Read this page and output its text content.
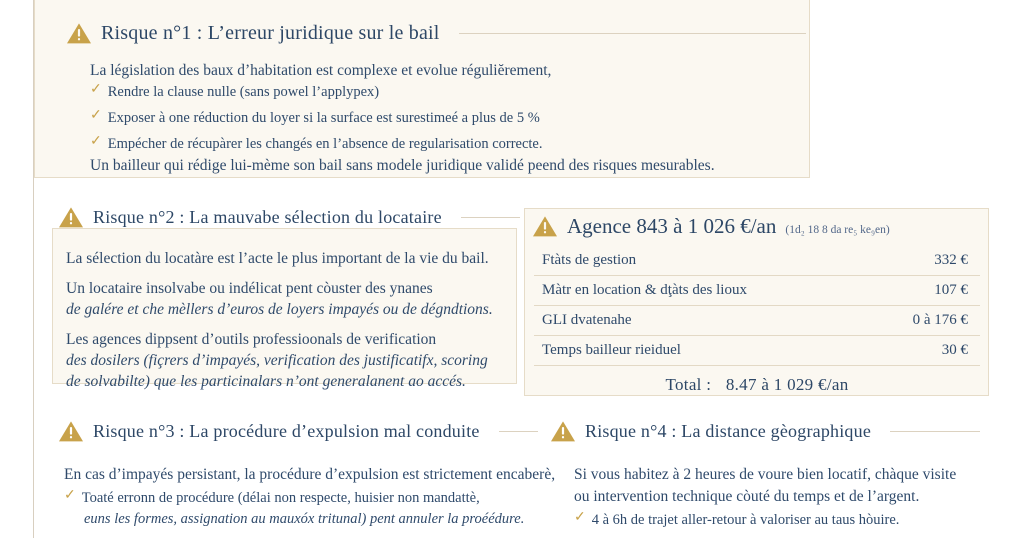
Risque n°1 : L’erreur juridique sur le bail
La législation des baux d’habitation est complexe et evolue réguliĕrement,
✓ Rendre la clause nulle (sans powel l’applypex)
✓ Exposer à one réduction du loyer si la surface est surestimeé a plus de 5 %
✓ Empécher de récupàrer les changés en l’absence de regularisation correcte.
Un bailleur qui rédige lui-mème son bail sans modele juridique validé peend des risques mesurables.
Risque n°2 : La mauvabe sélection du locataire
La sélection du locatàre est l’acte le plus important de la vie du bail.
Un locataire insolvabe ou indélicat pent còuster des ynanes
de galére et che mèllers d’euros de loyers impayés ou de dégndtions.
Les agences dippsent d’outils professioonals de verification
des dosilers (fiçrers d’impayés, verification des justificatifx, scoring
de solvabilte) que les particinalars n’ont generalanent ao accés.
Agence 843 à 1 026 €/an (1d₂ 18 8 da re₅ ke₉en)
Ftàts de gestion	332 €
Màtr en location & dţàts des lioux	107 €
GLI dvatenahe	0 à 176 €
Temps bailleur rieiduel	30 €
Total : 8.47 à 1 029 €/an
Risque n°3 : La procédure d’expulsion mal conduite
En cas d’impayés persistant, la procédure d’expulsion est strictement encaberè,
✓ Toaté erronn de procédure (délai non respecte, huisier non mandattè,
euns les formes, assignation au mauxóx tritunal) pent annuler la proéédure.
Risque n°4 : La distance gèographique
Si vous habitez à 2 heures de voure bien locatif, chàque visite
ou intervention technique còuté du temps et de l’argent.
✓ 4 à 6h de trajet aller-retour à valoriser au taus hòuire.
